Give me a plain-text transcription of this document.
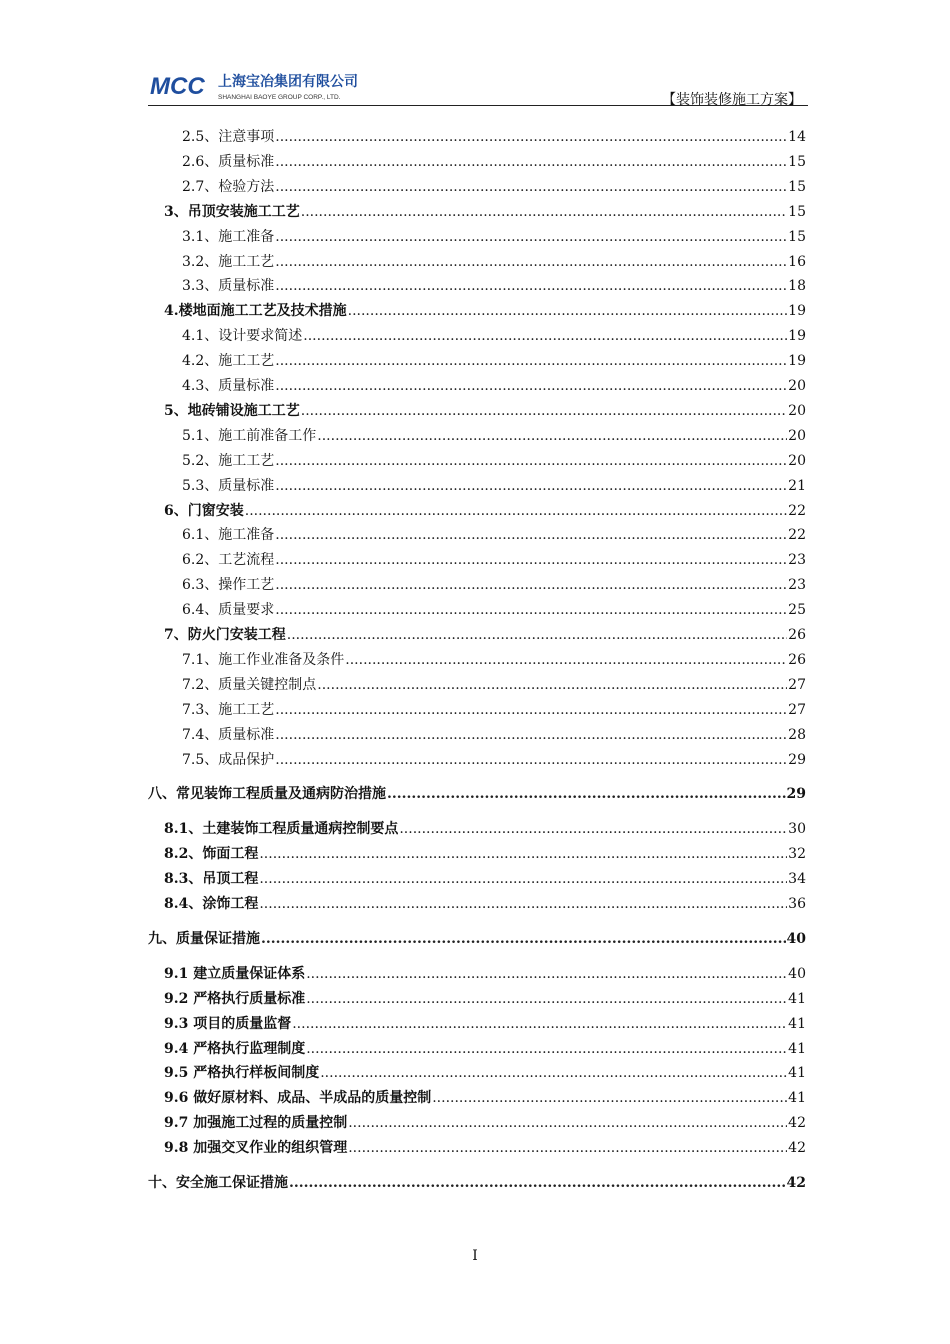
MCC 上海宝冶集团有限公司
SHANGHAI BAOYE GROUP CORP., LTD.	【装饰装修施工方案】
2.5、注意事项 .....	14
2.6、质量标准 .....	15
2.7、检验方法 .....	15
3、吊顶安装施工工艺 .....	15
3.1、施工准备 .....	15
3.2、施工工艺 .....	16
3.3、质量标准 .....	18
4.楼地面施工工艺及技术措施 .....	19
4.1、设计要求简述 .....	19
4.2、施工工艺 .....	19
4.3、质量标准 .....	20
5、地砖铺设施工工艺 .....	20
5.1、施工前准备工作 .....	20
5.2、施工工艺 .....	20
5.3、质量标准 .....	21
6、门窗安装 .....	22
6.1、施工准备 .....	22
6.2、工艺流程 .....	23
6.3、操作工艺 .....	23
6.4、质量要求 .....	25
7、防火门安装工程 .....	26
7.1、施工作业准备及条件 .....	26
7.2、质量关键控制点 .....	27
7.3、施工工艺 .....	27
7.4、质量标准 .....	28
7.5、成品保护 .....	29
八、常见装饰工程质量及通病防治措施 .....	29
8.1、土建装饰工程质量通病控制要点 .....	30
8.2、饰面工程 .....	32
8.3、吊顶工程 .....	34
8.4、涂饰工程 .....	36
九、质量保证措施 .....	40
9.1 建立质量保证体系 .....	40
9.2 严格执行质量标准 .....	41
9.3 项目的质量监督 .....	41
9.4 严格执行监理制度 .....	41
9.5 严格执行样板间制度 .....	41
9.6 做好原材料、成品、半成品的质量控制 .....	41
9.7 加强施工过程的质量控制 .....	42
9.8 加强交叉作业的组织管理 .....	42
十、安全施工保证措施 .....	42
I
